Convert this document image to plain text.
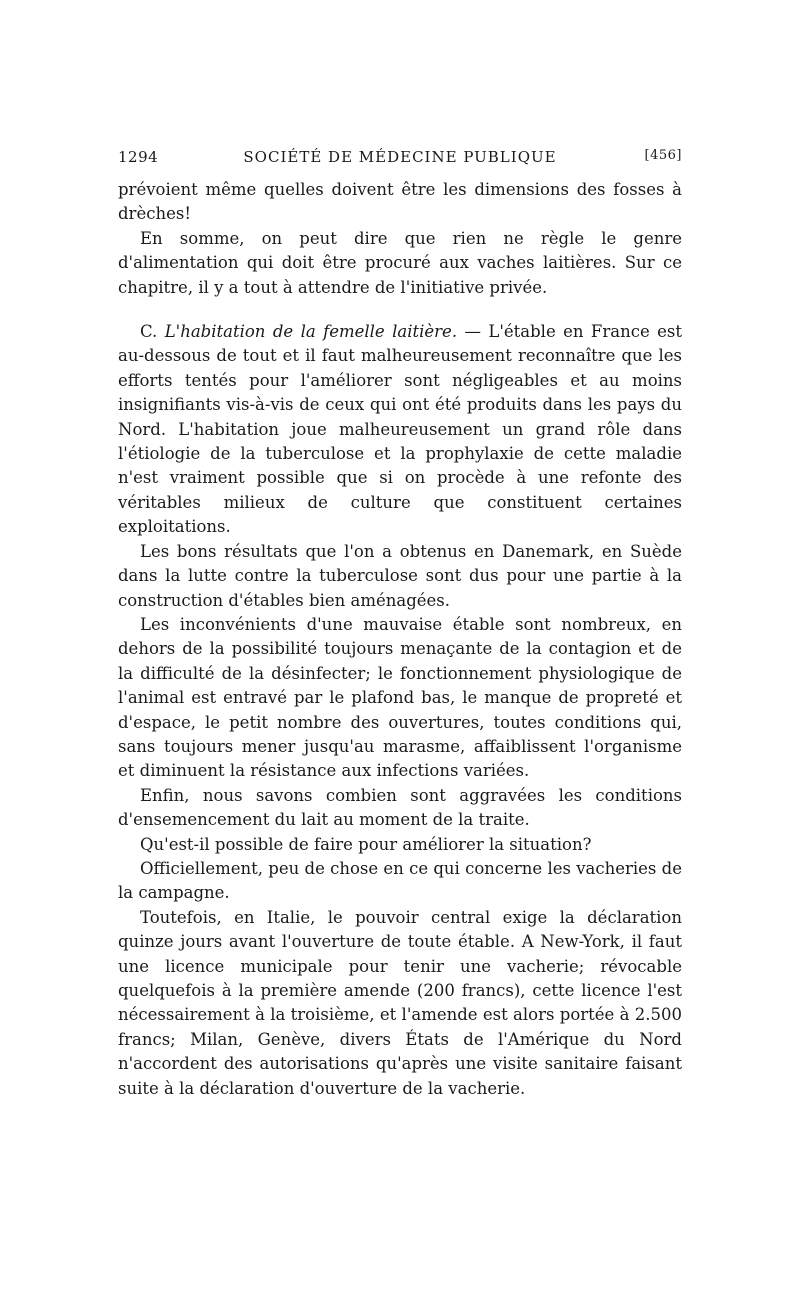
1294	SOCIÉTÉ DE MÉDECINE PUBLIQUE	[456]

prévoient même quelles doivent être les dimensions des fosses à drèches!

En somme, on peut dire que rien ne règle le genre d'alimentation qui doit être procuré aux vaches laitières. Sur ce chapitre, il y a tout à attendre de l'initiative privée.

C. L'habitation de la femelle laitière. — L'étable en France est au-dessous de tout et il faut malheureusement reconnaître que les efforts tentés pour l'améliorer sont négligeables et au moins insignifiants vis-à-vis de ceux qui ont été produits dans les pays du Nord. L'habitation joue malheureusement un grand rôle dans l'étiologie de la tuberculose et la prophylaxie de cette maladie n'est vraiment possible que si on procède à une refonte des véritables milieux de culture que constituent certaines exploitations.

Les bons résultats que l'on a obtenus en Danemark, en Suède dans la lutte contre la tuberculose sont dus pour une partie à la construction d'étables bien aménagées.

Les inconvénients d'une mauvaise étable sont nombreux, en dehors de la possibilité toujours menaçante de la contagion et de la difficulté de la désinfecter; le fonctionnement physiologique de l'animal est entravé par le plafond bas, le manque de propreté et d'espace, le petit nombre des ouvertures, toutes conditions qui, sans toujours mener jusqu'au marasme, affaiblissent l'organisme et diminuent la résistance aux infections variées.

Enfin, nous savons combien sont aggravées les conditions d'ensemencement du lait au moment de la traite.

Qu'est-il possible de faire pour améliorer la situation?

Officiellement, peu de chose en ce qui concerne les vacheries de la campagne.

Toutefois, en Italie, le pouvoir central exige la déclaration quinze jours avant l'ouverture de toute étable. A New-York, il faut une licence municipale pour tenir une vacherie; révocable quelquefois à la première amende (200 francs), cette licence l'est nécessairement à la troisième, et l'amende est alors portée à 2.500 francs; Milan, Genève, divers États de l'Amérique du Nord n'accordent des autorisations qu'après une visite sanitaire faisant suite à la déclaration d'ouverture de la vacherie.
